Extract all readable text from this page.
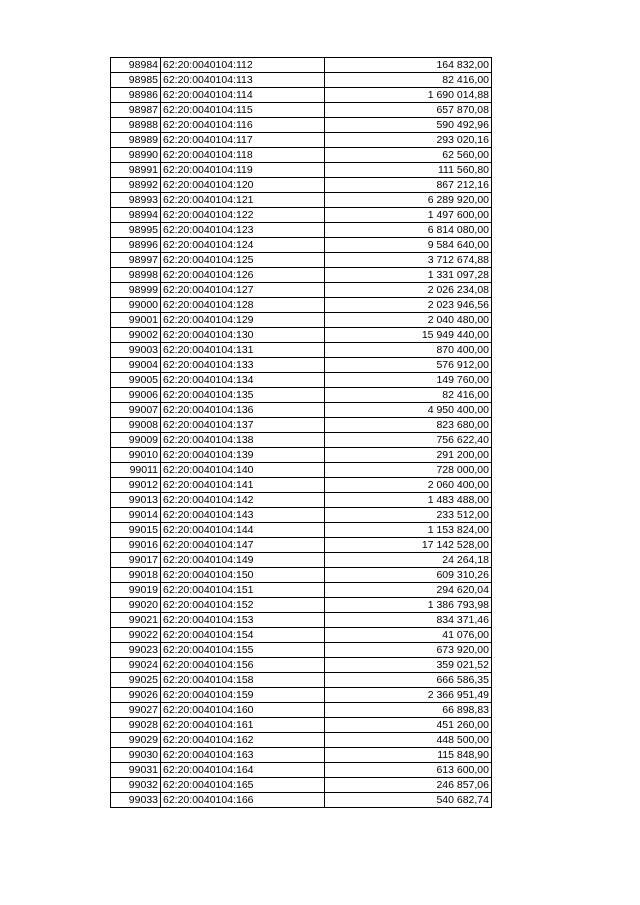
98984	62:20:0040104:112	164 832,00
98985	62:20:0040104:113	82 416,00
98986	62:20:0040104:114	1 690 014,88
98987	62:20:0040104:115	657 870,08
98988	62:20:0040104:116	590 492,96
98989	62:20:0040104:117	293 020,16
98990	62:20:0040104:118	62 560,00
98991	62:20:0040104:119	111 560,80
98992	62:20:0040104:120	867 212,16
98993	62:20:0040104:121	6 289 920,00
98994	62:20:0040104:122	1 497 600,00
98995	62:20:0040104:123	6 814 080,00
98996	62:20:0040104:124	9 584 640,00
98997	62:20:0040104:125	3 712 674,88
98998	62:20:0040104:126	1 331 097,28
98999	62:20:0040104:127	2 026 234,08
99000	62:20:0040104:128	2 023 946,56
99001	62:20:0040104:129	2 040 480,00
99002	62:20:0040104:130	15 949 440,00
99003	62:20:0040104:131	870 400,00
99004	62:20:0040104:133	576 912,00
99005	62:20:0040104:134	149 760,00
99006	62:20:0040104:135	82 416,00
99007	62:20:0040104:136	4 950 400,00
99008	62:20:0040104:137	823 680,00
99009	62:20:0040104:138	756 622,40
99010	62:20:0040104:139	291 200,00
99011	62:20:0040104:140	728 000,00
99012	62:20:0040104:141	2 060 400,00
99013	62:20:0040104:142	1 483 488,00
99014	62:20:0040104:143	233 512,00
99015	62:20:0040104:144	1 153 824,00
99016	62:20:0040104:147	17 142 528,00
99017	62:20:0040104:149	24 264,18
99018	62:20:0040104:150	609 310,26
99019	62:20:0040104:151	294 620,04
99020	62:20:0040104:152	1 386 793,98
99021	62:20:0040104:153	834 371,46
99022	62:20:0040104:154	41 076,00
99023	62:20:0040104:155	673 920,00
99024	62:20:0040104:156	359 021,52
99025	62:20:0040104:158	666 586,35
99026	62:20:0040104:159	2 366 951,49
99027	62:20:0040104:160	66 898,83
99028	62:20:0040104:161	451 260,00
99029	62:20:0040104:162	448 500,00
99030	62:20:0040104:163	115 848,90
99031	62:20:0040104:164	613 600,00
99032	62:20:0040104:165	246 857,06
99033	62:20:0040104:166	540 682,74
